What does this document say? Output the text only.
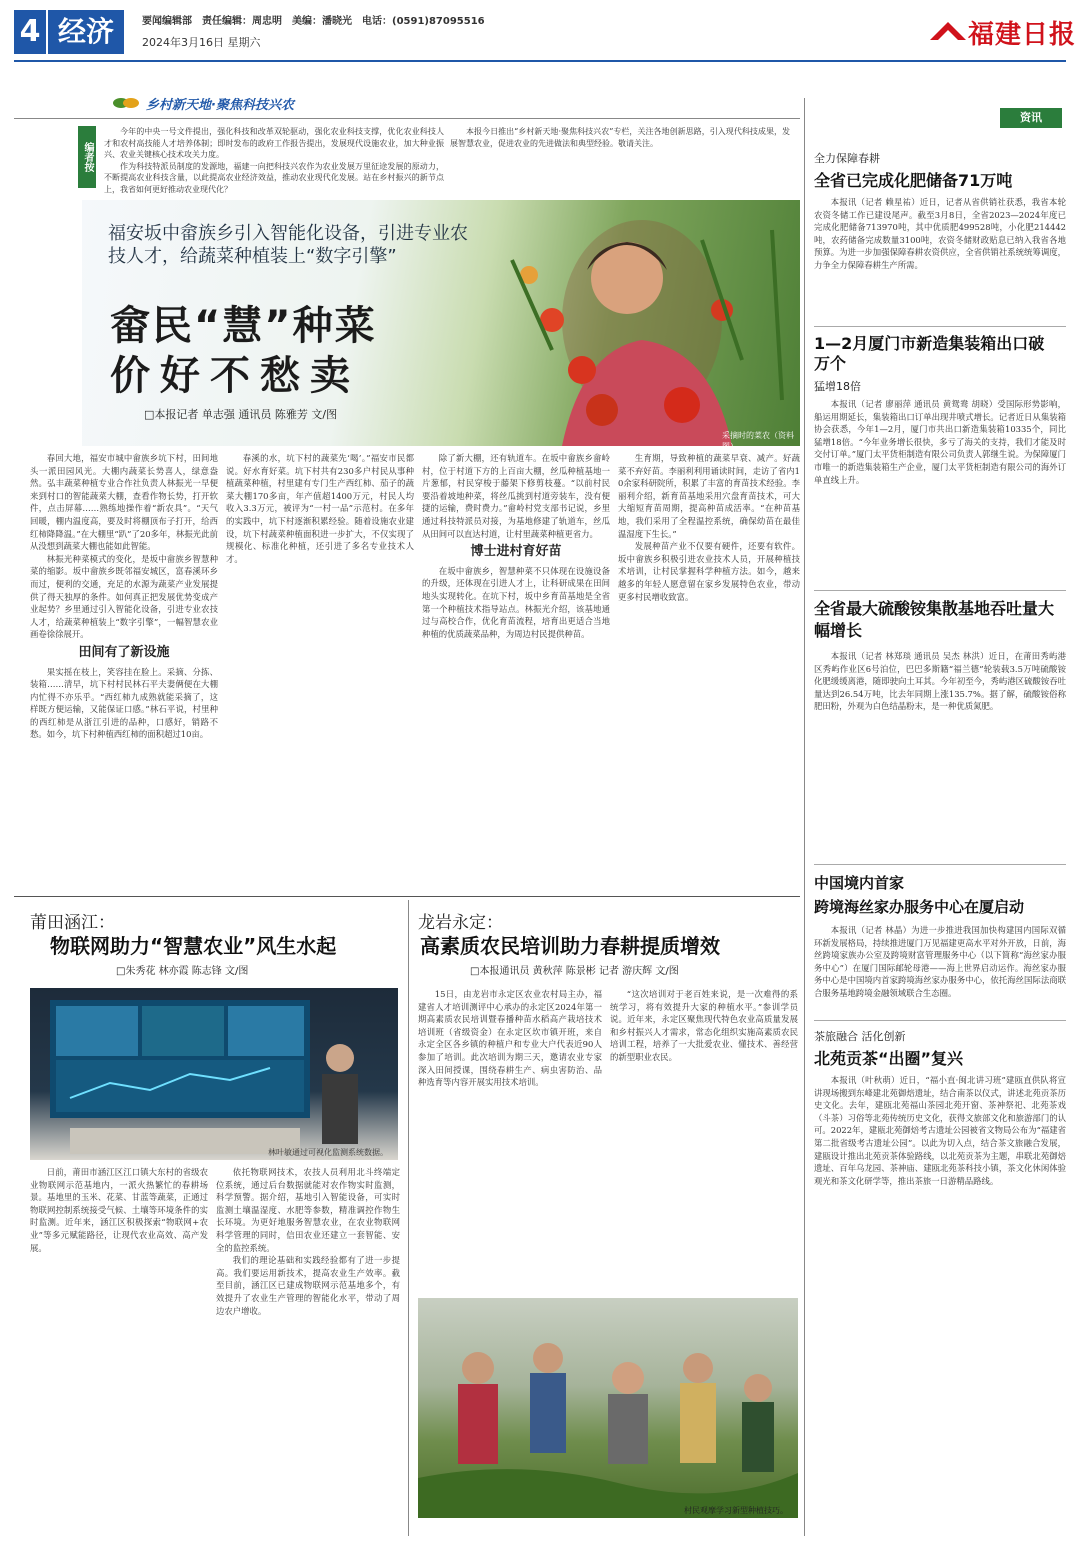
4 经济	要闻编辑部　责任编辑：周忠明　美编：潘晓光　电话：(0591)87095516
2024年3月16日 星期六	福建日报
乡村新天地·聚焦科技兴农
编者按

今年的中央一号文件提出，强化科技和改革双轮驱动，强化农业科技支撑，优化农业科技人才和农村高技能人才培养体制；即时发布的政府工作报告提出，发展现代设施农业，加大种业振兴、农业关键核心技术攻关力度。

作为科技特派员制度的发源地，福建一向把科技兴农作为农业发展万里征途发展的原动力，不断提高农业科技含量，以此提高农业经济效益，推动农业现代化发展。站在乡村振兴的新节点上，我省如何更好推动农业现代化？

本报今日推出“乡村新天地·聚焦科技兴农”专栏，关注各地创新思路，引入现代科技成果，发展智慧农业，促进农业的先进做法和典型经验。敬请关注。

福安坂中畲族乡引入智能化设备，引进专业农技人才，给蔬菜种植装上“数字引擎”
畲民“慧”种菜
价好不愁卖
□本报记者 单志强 通讯员 陈雅芳 文/图
采摘时的菜农（资料图）

春回大地，福安市城中畲族乡坑下村，田间地头一派田园风光。大棚内蔬菜长势喜人，绿意盎然。弘丰蔬菜种植专业合作社负责人林振光一早便来到村口的智能蔬菜大棚，查看作物长势，打开软件，点击屏幕……熟练地操作着“新农具”。“天气回暖，棚内温度高，要及时将棚顶布子打开，给西红柿降降温。”在大棚里“趴”了20多年，林振光此前从没想到蔬菜大棚也能如此智能。

林振光种菜模式的变化，是坂中畲族乡智慧种菜的缩影。坂中畲族乡既邻福安城区，富春溪环乡而过，便利的交通，充足的水源为蔬菜产业发展提供了得天独厚的条件。如何真正把发展优势变成产业起势？乡里通过引入智能化设备，引进专业农技人才，给蔬菜种植装上“数字引擎”，一幅智慧农业画卷徐徐展开。

田间有了新设施

果实摇在枝上，笑容挂在脸上。采摘、分拣、装箱……清早，坑下村村民林石平夫妻俩便在大棚内忙得不亦乐乎。“西红柿九成熟就能采摘了，这样既方便运输，又能保证口感。”林石平说，村里种的西红柿是从浙江引进的品种，口感好，销路不愁。如今，坑下村种植西红柿的面积超过10亩。

春溪的水，坑下村的蔬菜先‘喝’。”福安市民都说。好水育好菜。坑下村共有230多户村民从事种植蔬菜种植，村里建有专门生产西红柿、茄子的蔬菜大棚170多亩，年产值超1400万元，村民人均收入3.3万元，被评为“一村一品”示范村。在多年的实践中，坑下村逐渐积累经验。随着设施农业建设，坑下村蔬菜种植面积进一步扩大，不仅实现了规模化、标准化种植，还引进了多名专业技术人才。

除了新大棚，还有轨道车。在坂中畲族乡畲岭村，位于村道下方的上百亩大棚，丝瓜种植基地一片葱郁，村民穿梭于藤架下修剪枝蔓。“以前村民要沿着坡地种菜，将丝瓜挑到村道旁装车，没有便捷的运输，费时费力。”畲岭村党支部书记说，乡里通过科技特派员对接，为基地修建了轨道车，丝瓜从田间可以直达村道，让村里蔬菜种植更省力。

博士进村育好苗

在坂中畲族乡，智慧种菜不只体现在设施设备的升级，还体现在引进人才上，让科研成果在田间地头实现转化。在坑下村，坂中乡育苗基地是全省第一个种植技术指导站点。林振光介绍，该基地通过与高校合作，优化育苗流程，培育出更适合当地种植的优质蔬菜品种，为周边村民提供种苗。

生育期，导致种植的蔬菜早衰、减产。好蔬菜不弃好苗。李丽利利用诵读时间，走访了省内10余家科研院所，积累了丰富的育苗技术经验。李丽利介绍，新育苗基地采用穴盘育苗技术，可大大缩短育苗周期，提高种苗成活率。“在种苗基地，我们采用了全程温控系统，确保幼苗在最佳温湿度下生长。”

发展种苗产业不仅要有硬件，还要有软件。坂中畲族乡积极引进农业技术人员，开展种植技术培训，让村民掌握科学种植方法。如今，越来越多的年轻人愿意留在家乡发展特色农业，带动更多村民增收致富。

莆田涵江：
物联网助力“智慧农业”风生水起
□朱秀花 林亦霞 陈志锋 文/图
林叶敏通过可视化监测系统数据。

日前，莆田市涵江区江口镇大东村的省级农业物联网示范基地内，一派火热繁忙的春耕场景。基地里的玉米、花菜、甘蓝等蔬菜，正通过物联网控制系统接受气候、土壤等环境条件的实时监测。近年来，涵江区积极探索“物联网+农业”等多元赋能路径，让现代农业高效、高产发展。

依托物联网技术，农技人员利用北斗终端定位系统，通过后台数据就能对农作物实时监测，科学预警。据介绍，基地引入智能设备，可实时监测土壤温湿度、水肥等参数，精准调控作物生长环境。为更好地服务智慧农业，在农业物联网科学管理的同时，信田农业还建立一套智能、安全的监控系统。

我们的理论基础和实践经验都有了进一步提高。我们要运用新技术，提高农业生产效率。截至目前，涵江区已建成物联网示范基地多个，有效提升了农业生产管理的智能化水平，带动了周边农户增收。

龙岩永定：
高素质农民培训助力春耕提质增效
□本报通讯员 黄秋萍 陈景彬 记者 游庆辉 文/图

15日，由龙岩市永定区农业农村局主办，福建省人才培训测评中心承办的永定区2024年第一期高素质农民培训暨春播种苗水稻高产栽培技术培训班（省级资金）在永定区坎市镇开班，来自永定全区各乡镇的种植户和专业大户代表近90人参加了培训。此次培训为期三天，邀请农业专家深入田间授课，围绕春耕生产、病虫害防治、品种选育等内容开展实用技术培训。

“这次培训对于老百姓来说，是一次难得的系统学习，将有效提升大家的种植水平。”参训学员说。近年来，永定区聚焦现代特色农业高质量发展和乡村振兴人才需求，常态化组织实施高素质农民培训工程，培养了一大批爱农业、懂技术、善经营的新型职业农民。

村民观摩学习新型种植技巧。
资讯
全力保障春耕
全省已完成化肥储备71万吨

本报讯（记者 赖星祐）近日，记者从省供销社获悉，我省本轮农资冬储工作已建设尾声。截至3月8日，全省2023—2024年度已完成化肥储备713970吨，其中优质肥499528吨，小化肥214442吨，农药储备完成数量3100吨，农资冬储财政贴息已纳入我省各地预算。为进一步加强保障春耕农资供应，全省供销社系统统筹调度，力争全力保障春耕生产所需。

1—2月厦门市新造集装箱出口破万个
猛增18倍

本报讯（记者 廖丽萍 通讯员 黄鸳鸯 胡晓）受国际形势影响，船运用期延长，集装箱出口订单出现井喷式增长。记者近日从集装箱协会获悉，今年1—2月，厦门市共出口新造集装箱10335个，同比猛增18倍。“今年业务增长很快，多亏了海关的支持，我们才能及时交付订单。”厦门太平货柜制造有限公司负责人郭继生说。为保障厦门市唯一的新造集装箱生产企业，厦门太平货柜制造有限公司的海外订单直线上升。

全省最大硫酸铵集散基地吞吐量大幅增长

本报讯（记者 林郑琰 通讯员 吴杰 林洪）近日，在莆田秀屿港区秀屿作业区6号泊位，巴巴多斯籍“福兰德”轮装载3.5万吨硫酸铵化肥缓缓离港，随即驶向土耳其。今年初至今，秀屿港区硫酸铵吞吐量达到26.54万吨，比去年同期上涨135.7%。据了解，硫酸铵俗称肥田粉，外观为白色结晶粉末，是一种优质氮肥。

中国境内首家
跨境海丝家办服务中心在厦启动

本报讯（记者 林晶）为进一步推进我国加快构建国内国际双循环新发展格局，持续推进厦门万见福建更高水平对外开放，日前，海丝跨境家族办公室及跨境财富管理服务中心（以下简称“海丝家办服务中心”）在厦门国际邮轮母港——海上世界启动运作。海丝家办服务中心是中国境内首家跨境海丝家办服务中心，依托海丝国际法商联合服务基地跨境金融领域联合生态圈。

茶旅融合 活化创新
北苑贡茶“出圈”复兴

本报讯（叶秋萌）近日，“福小直·闽北讲习班”建瓯直供队将宣讲现场搬到东峰建北苑御焙遗址，结合南茶以仪式，讲述北苑贡茶历史文化。去年，建瓯北苑福山茶园北苑开窗、茶神祭祀、北苑茶戏（斗茶）习俗等北苑传统历史文化，获得文旅部文化和旅游部门的认可。2022年，建瓯北苑御焙考古遗址公园被省文物局公布为“福建省第二批省级考古遗址公园”。以此为切入点，结合茶文旅融合发展，建瓯设计推出北苑贡茶体验路线，以北苑贡茶为主题，串联北苑御焙遗址、百年乌龙园、茶神庙、建瓯北苑茶科技小镇，茶文化休闲体验观光和茶文化研学等，推出茶旅一日游精品路线。
